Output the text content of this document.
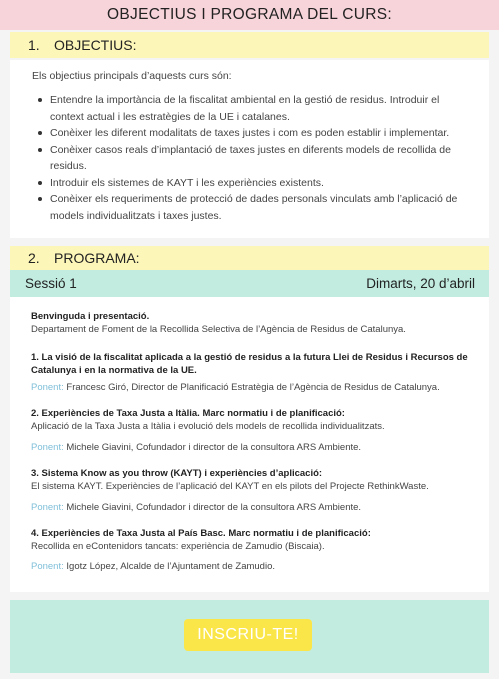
OBJECTIUS I PROGRAMA DEL CURS:
1. OBJECTIUS:
Els objectius principals d’aquests curs són:
Entendre la importància de la fiscalitat ambiental en la gestió de residus. Introduir el context actual i les estratègies de la UE i catalanes.
Conèixer les diferent modalitats de taxes justes i com es poden establir i implementar.
Conèixer casos reals d’implantació de taxes justes en diferents models de recollida de residus.
Introduir els sistemes de KAYT i les experiències existents.
Conèixer els requeriments de protecció de dades personals vinculats amb l’aplicació de models individualitzats i taxes justes.
2. PROGRAMA:
Sessió 1	Dimarts, 20 d’abril
Benvinguda i presentació.
Departament de Foment de la Recollida Selectiva de l’Agència de Residus de Catalunya.
1. La visió de la fiscalitat aplicada a la gestió de residus a la futura Llei de Residus i Recursos de Catalunya i en la normativa de la UE.
Ponent: Francesc Giró, Director de Planificació Estratègia de l’Agència de Residus de Catalunya.
2. Experiències de Taxa Justa a Itàlia. Marc normatiu i de planificació:
Aplicació de la Taxa Justa a Itàlia i evolució dels models de recollida individualitzats.
Ponent: Michele Giavini, Cofundador i director de la consultora ARS Ambiente.
3. Sistema Know as you throw (KAYT) i experiències d’aplicació:
El sistema KAYT. Experiències de l’aplicació del KAYT en els pilots del Projecte RethinkWaste.
Ponent: Michele Giavini, Cofundador i director de la consultora ARS Ambiente.
4. Experiències de Taxa Justa al País Basc. Marc normatiu i de planificació:
Recollida en eContenidors tancats: experiència de Zamudio (Biscaia).
Ponent: Igotz López, Alcalde de l’Ajuntament de Zamudio.
INSCRIU-TE!
